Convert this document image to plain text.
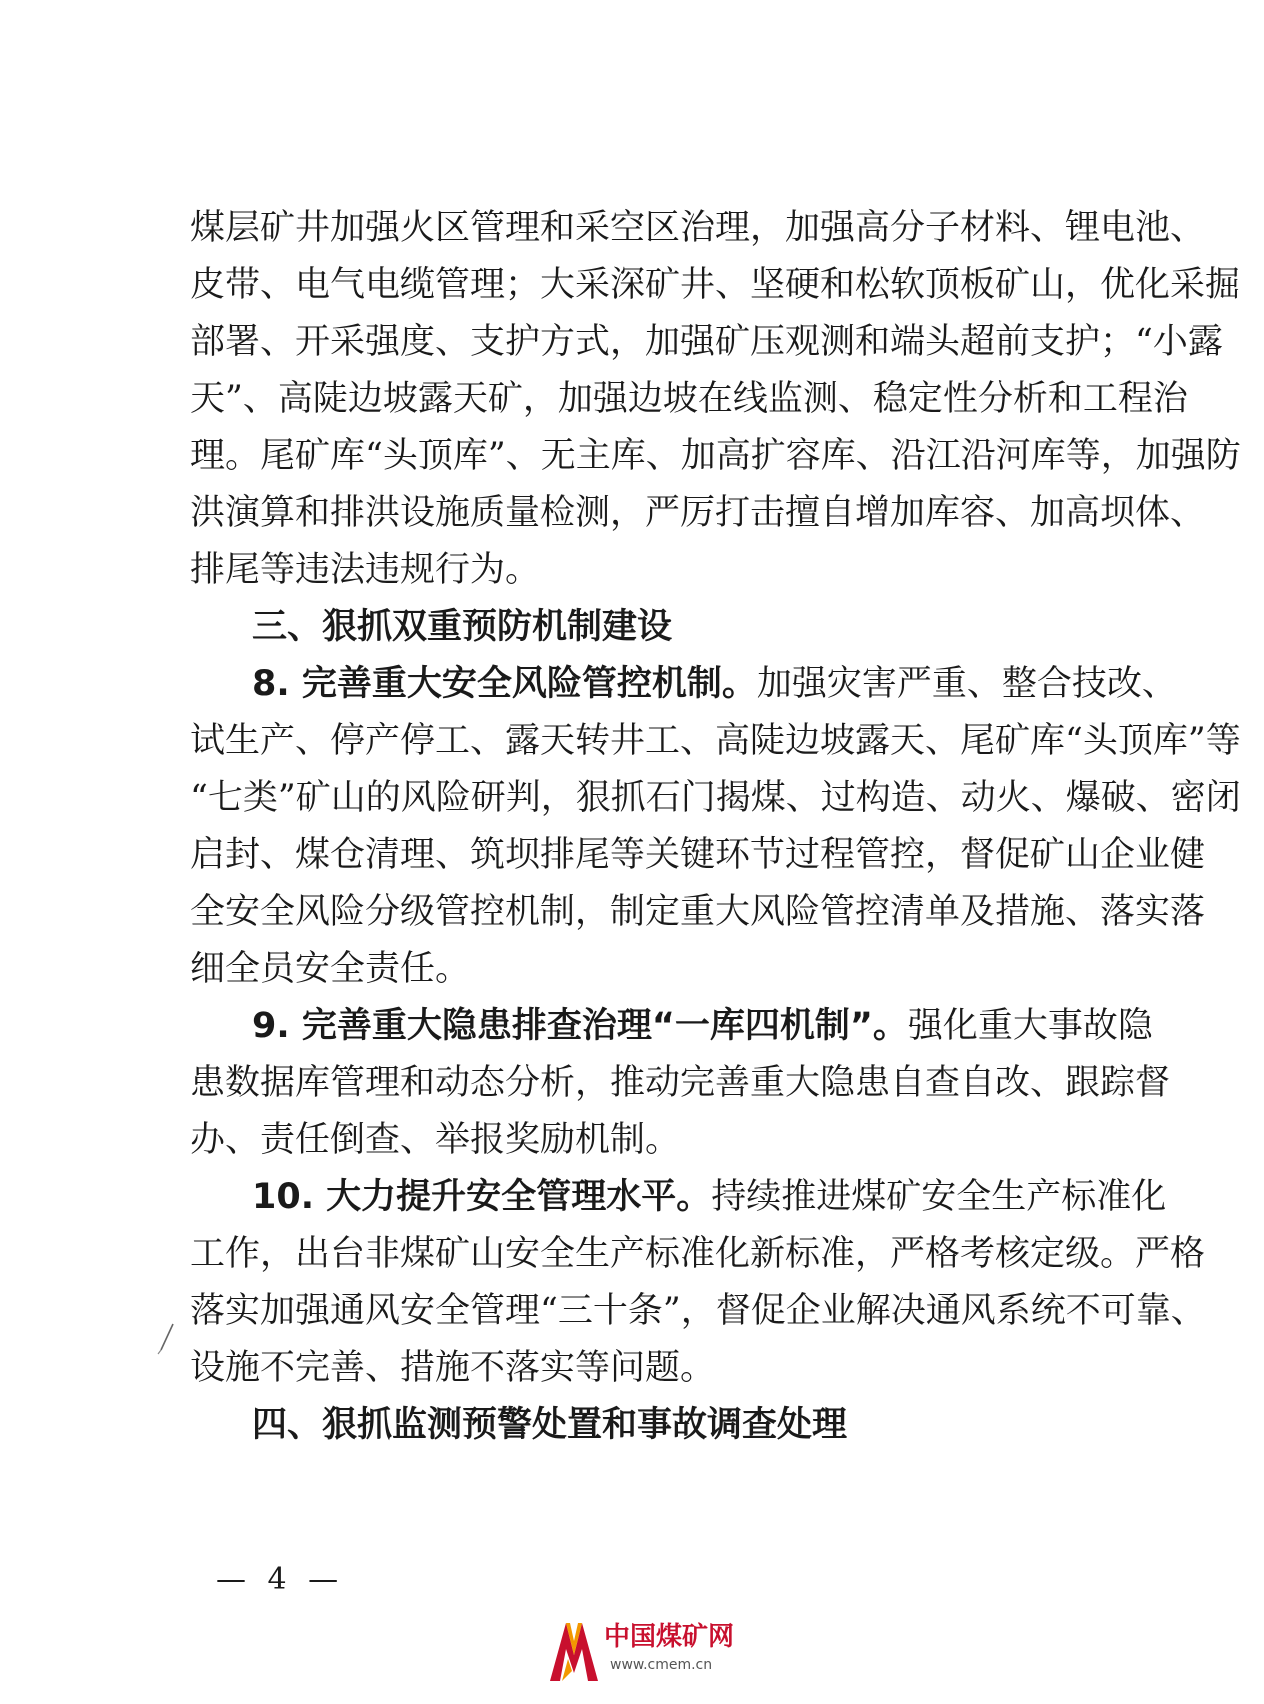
煤层矿井加强火区管理和采空区治理，加强高分子材料、锂电池、
皮带、电气电缆管理；大采深矿井、坚硬和松软顶板矿山，优化采掘
部署、开采强度、支护方式，加强矿压观测和端头超前支护；“小露
天”、高陡边坡露天矿，加强边坡在线监测、稳定性分析和工程治
理。尾矿库“头顶库”、无主库、加高扩容库、沿江沿河库等，加强防
洪演算和排洪设施质量检测，严厉打击擅自增加库容、加高坝体、
排尾等违法违规行为。
三、狠抓双重预防机制建设
8. 完善重大安全风险管控机制。加强灾害严重、整合技改、
试生产、停产停工、露天转井工、高陡边坡露天、尾矿库“头顶库”等
“七类”矿山的风险研判，狠抓石门揭煤、过构造、动火、爆破、密闭
启封、煤仓清理、筑坝排尾等关键环节过程管控，督促矿山企业健
全安全风险分级管控机制，制定重大风险管控清单及措施、落实落
细全员安全责任。
9. 完善重大隐患排查治理“一库四机制”。强化重大事故隐
患数据库管理和动态分析，推动完善重大隐患自查自改、跟踪督
办、责任倒查、举报奖励机制。
10. 大力提升安全管理水平。持续推进煤矿安全生产标准化
工作，出台非煤矿山安全生产标准化新标准，严格考核定级。严格
落实加强通风安全管理“三十条”，督促企业解决通风系统不可靠、
设施不完善、措施不落实等问题。
四、狠抓监测预警处置和事故调查处理
— 4 —
中国煤矿网
www.cmem.cn
